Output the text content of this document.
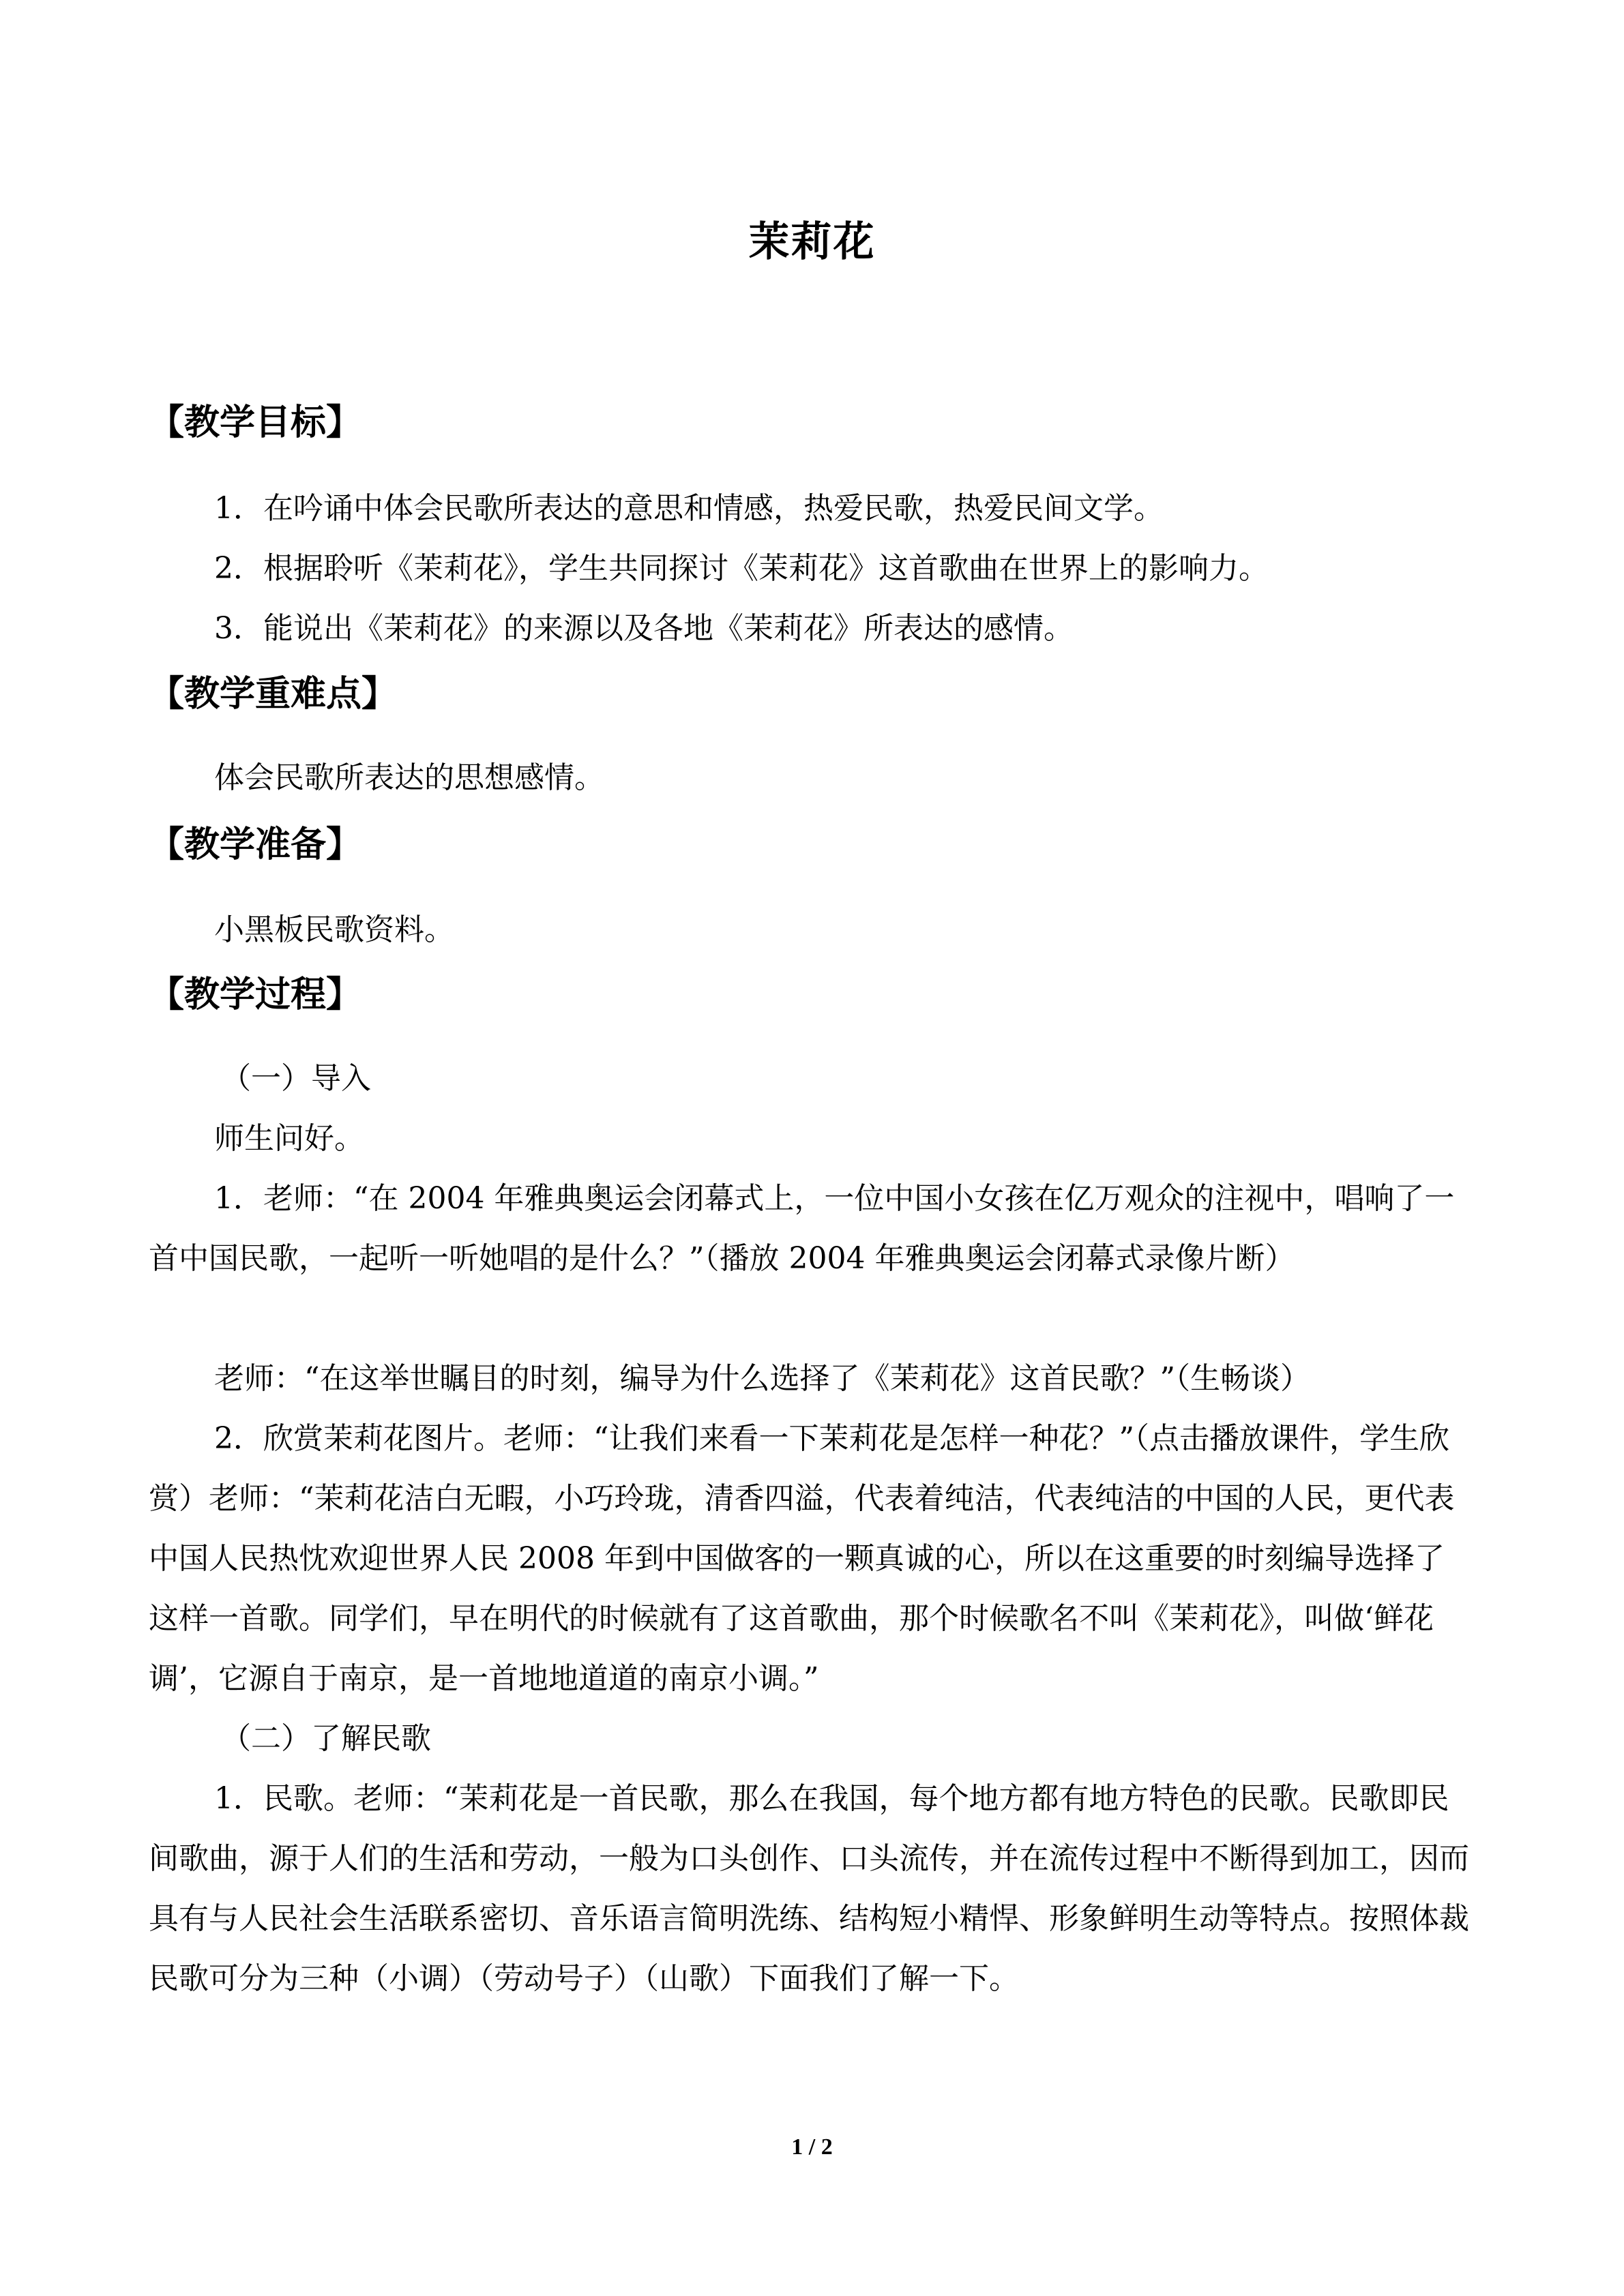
茉莉花
【教学目标】

1．在吟诵中体会民歌所表达的意思和情感，热爱民歌，热爱民间文学。

2．根据聆听《茉莉花》，学生共同探讨《茉莉花》这首歌曲在世界上的影响力。

3．能说出《茉莉花》的来源以及各地《茉莉花》所表达的感情。

【教学重难点】

体会民歌所表达的思想感情。

【教学准备】

小黑板民歌资料。

【教学过程】

（一）导入

师生问好。

1．老师：“在 2004 年雅典奥运会闭幕式上，一位中国小女孩在亿万观众的注视中，唱响了一首中国民歌，一起听一听她唱的是什么？”（播放 2004 年雅典奥运会闭幕式录像片断）

老师：“在这举世瞩目的时刻，编导为什么选择了《茉莉花》这首民歌？”（生畅谈）

2．欣赏茉莉花图片。老师：“让我们来看一下茉莉花是怎样一种花？”（点击播放课件，学生欣赏）老师：“茉莉花洁白无暇，小巧玲珑，清香四溢，代表着纯洁，代表纯洁的中国的人民，更代表中国人民热忱欢迎世界人民 2008 年到中国做客的一颗真诚的心，所以在这重要的时刻编导选择了这样一首歌。同学们，早在明代的时候就有了这首歌曲，那个时候歌名不叫《茉莉花》，叫做‘鲜花调’，它源自于南京，是一首地地道道的南京小调。”

（二）了解民歌

1．民歌。老师：“茉莉花是一首民歌，那么在我国，每个地方都有地方特色的民歌。民歌即民间歌曲，源于人们的生活和劳动，一般为口头创作、口头流传，并在流传过程中不断得到加工，因而具有与人民社会生活联系密切、音乐语言简明洗练、结构短小精悍、形象鲜明生动等特点。按照体裁民歌可分为三种（小调）（劳动号子）（山歌）下面我们了解一下。

1 / 2
